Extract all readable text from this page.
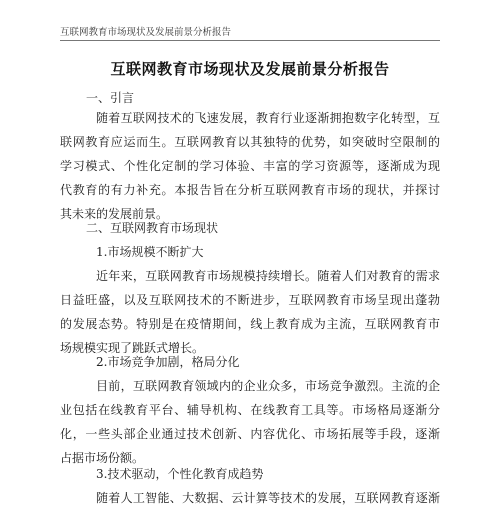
互联网教育市场现状及发展前景分析报告
互联网教育市场现状及发展前景分析报告
一、引言
随着互联网技术的飞速发展，教育行业逐渐拥抱数字化转型，互
联网教育应运而生。互联网教育以其独特的优势，如突破时空限制的
学习模式、个性化定制的学习体验、丰富的学习资源等，逐渐成为现
代教育的有力补充。本报告旨在分析互联网教育市场的现状，并探讨
其未来的发展前景。
二、互联网教育市场现状
1.市场规模不断扩大
近年来，互联网教育市场规模持续增长。随着人们对教育的需求
日益旺盛，以及互联网技术的不断进步，互联网教育市场呈现出蓬勃
的发展态势。特别是在疫情期间，线上教育成为主流，互联网教育市
场规模实现了跳跃式增长。
2.市场竞争加剧，格局分化
目前，互联网教育领域内的企业众多，市场竞争激烈。主流的企
业包括在线教育平台、辅导机构、在线教育工具等。市场格局逐渐分
化，一些头部企业通过技术创新、内容优化、市场拓展等手段，逐渐
占据市场份额。
3.技术驱动，个性化教育成趋势
随着人工智能、大数据、云计算等技术的发展，互联网教育逐渐
